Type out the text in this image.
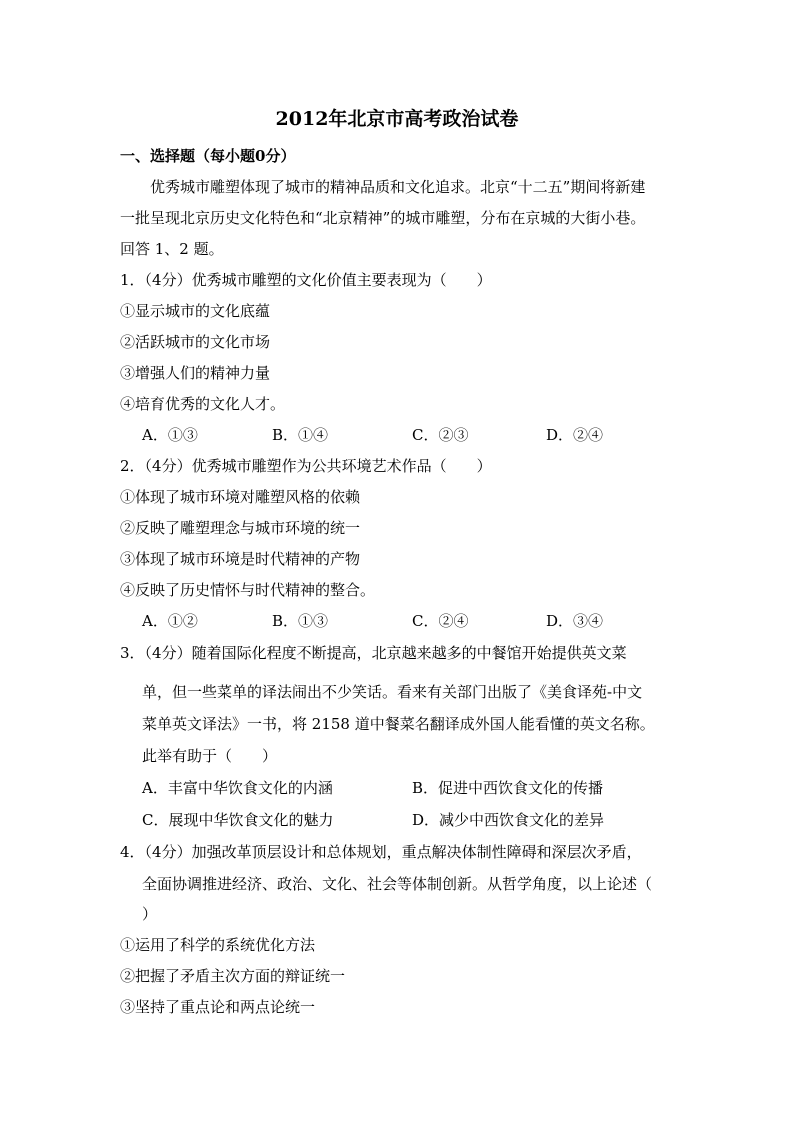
2012年北京市高考政治试卷
一、选择题（每小题0分）
优秀城市雕塑体现了城市的精神品质和文化追求。北京“十二五”期间将新建
一批呈现北京历史文化特色和“北京精神”的城市雕塑，分布在京城的大街小巷。
回答 1、2 题。
1．（4分）优秀城市雕塑的文化价值主要表现为（　　）
①显示城市的文化底蕴
②活跃城市的文化市场
③增强人们的精神力量
④培育优秀的文化人才。
A．①③	B．①④	C．②③	D．②④
2．（4分）优秀城市雕塑作为公共环境艺术作品（　　）
①体现了城市环境对雕塑风格的依赖
②反映了雕塑理念与城市环境的统一
③体现了城市环境是时代精神的产物
④反映了历史情怀与时代精神的整合。
A．①②	B．①③	C．②④	D．③④
3．（4分）随着国际化程度不断提高，北京越来越多的中餐馆开始提供英文菜
单，但一些菜单的译法闹出不少笑话。看来有关部门出版了《美食译苑-中文
菜单英文译法》一书，将 2158 道中餐菜名翻译成外国人能看懂的英文名称。
此举有助于（　　）
A．丰富中华饮食文化的内涵	B．促进中西饮食文化的传播
C．展现中华饮食文化的魅力	D．减少中西饮食文化的差异
4．（4分）加强改革顶层设计和总体规划，重点解决体制性障碍和深层次矛盾，
全面协调推进经济、政治、文化、社会等体制创新。从哲学角度，以上论述（
）
①运用了科学的系统优化方法
②把握了矛盾主次方面的辩证统一
③坚持了重点论和两点论统一
